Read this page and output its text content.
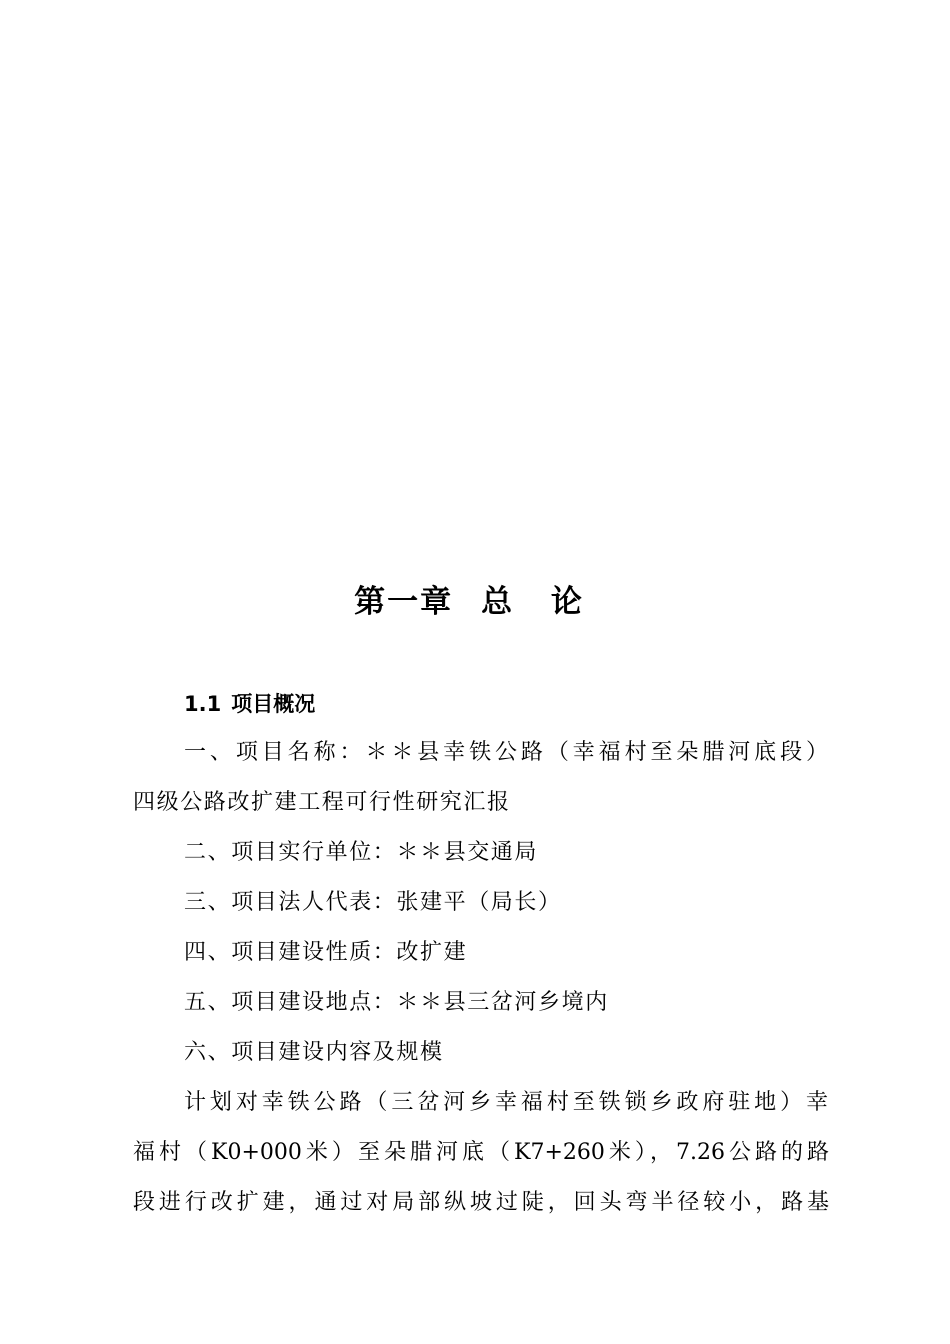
第一章 总 论
1.1 项目概况
一、项目名称：＊＊县幸铁公路（幸福村至朵腊河底段）
四级公路改扩建工程可行性研究汇报
二、项目实行单位：＊＊县交通局
三、项目法人代表：张建平（局长）
四、项目建设性质：改扩建
五、项目建设地点：＊＊县三岔河乡境内
六、项目建设内容及规模
计划对幸铁公路（三岔河乡幸福村至铁锁乡政府驻地）幸
福村（K0+000米）至朵腊河底（K7+260米），7.26公路的路
段进行改扩建，通过对局部纵坡过陡，回头弯半径较小，路基
